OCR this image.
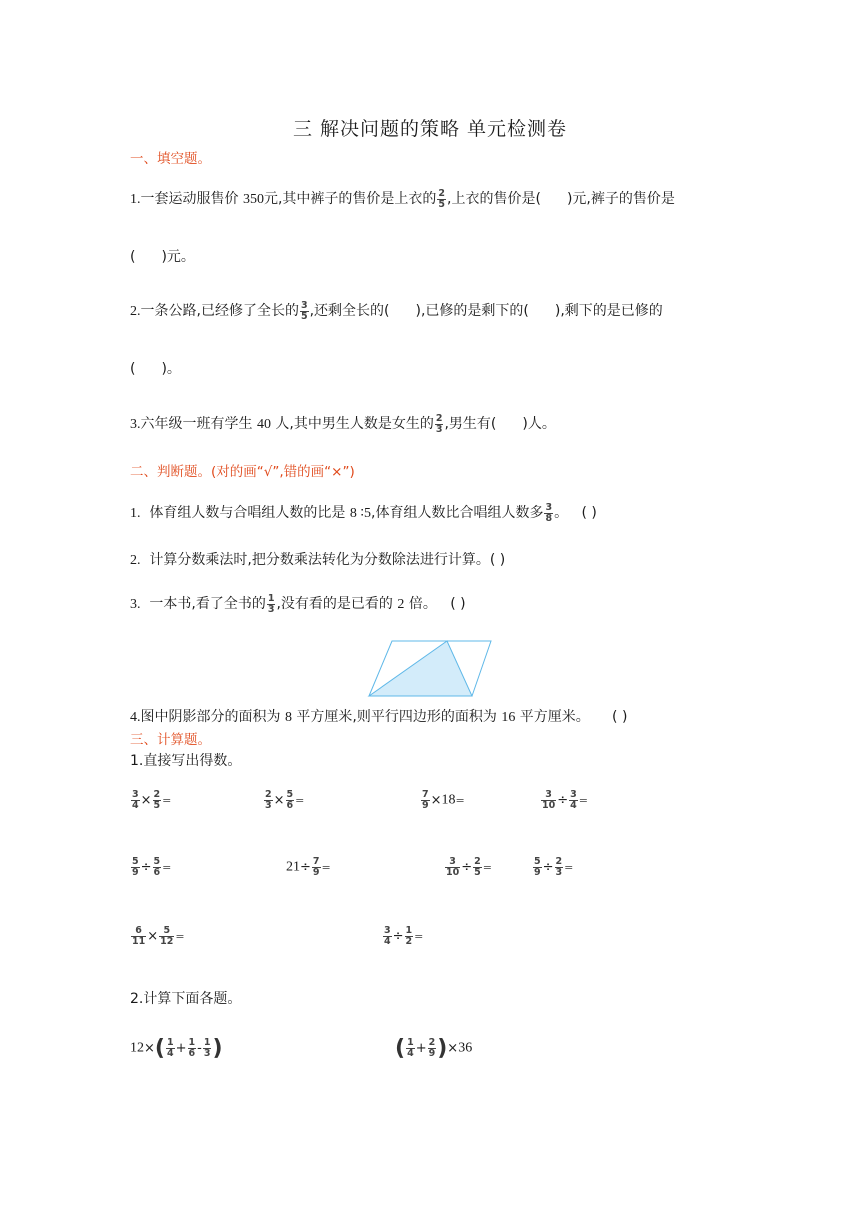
三 解决问题的策略 单元检测卷
一、填空题。
1.一套运动服售价 350元,其中裤子的售价是上衣的 $\frac{2}{5}$ ,上衣的售价是( )元,裤子的售价是
( )元。
2.一条公路,已经修了全长的 $\frac{3}{5}$ ,还剩全长的( ),已修的是剩下的( ),剩下的是已修的
( )。
3.六年级一班有学生 40 人,其中男生人数是女生的 $\frac{2}{3}$ ,男生有( )人。
二、判断题。(对的画“√”,错的画“×”)
1. 体育组人数与合唱组人数的比是 8 ∶5,体育组人数比合唱组人数多 $\frac{3}{8}$ 。 ( )
2. 计算分数乘法时,把分数乘法转化为分数除法进行计算。( )
3. 一本书,看了全书的 $\frac{1}{3}$ ,没有看的是已看的 2 倍。 ( )
4.图中阴影部分的面积为 8 平方厘米,则平行四边形的面积为 16 平方厘米。 ( )
三、计算题。
1.直接写出得数。
$\frac{3}{4} \times \frac{2}{5}$ =	$\frac{2}{3} \times \frac{5}{6}$ =	$\frac{7}{9} \times 18=$	$\frac{3}{10} \div \frac{3}{4}$ =
$\frac{5}{9} \div \frac{5}{6}$ =	$21\div \frac{7}{9}$ =	$\frac{3}{10} \div \frac{2}{5}$ =	$\frac{5}{9} \div \frac{2}{3}$ =
$\frac{6}{11} \times \frac{5}{12}$ =	$\frac{3}{4} \div \frac{1}{2}$ =
2.计算下面各题。
$12\times( \frac{1}{4} + \frac{1}{6} - \frac{1}{3}$ )	( $\frac{1}{4} + \frac{2}{9} )\times 36$
